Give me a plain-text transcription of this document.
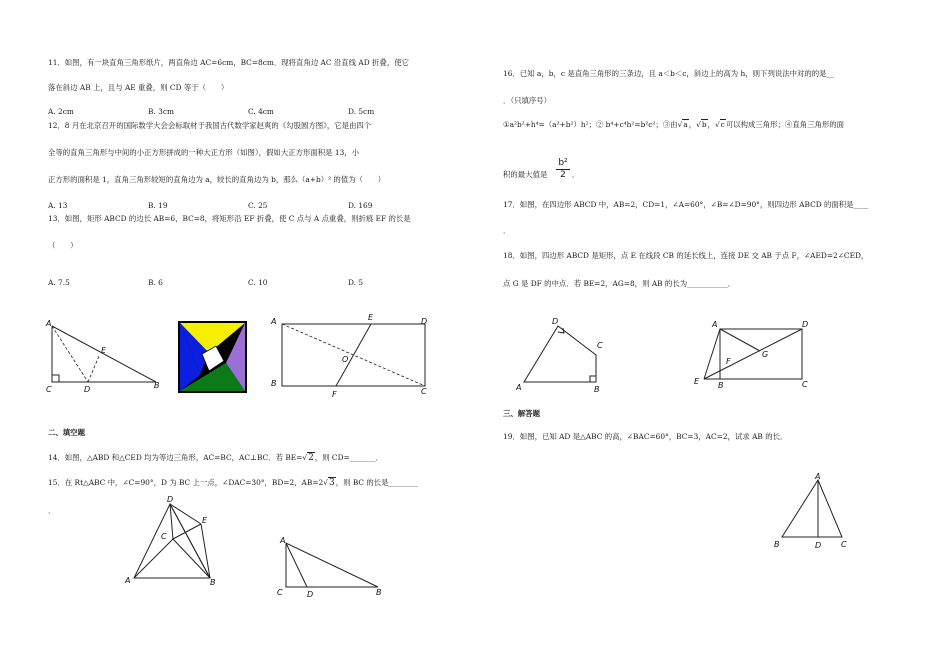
11．如图，有一块直角三角形纸片，两直角边 AC=6cm，BC=8cm．现将直角边 AC 沿直线 AD 折叠，使它
落在斜边 AB 上，且与 AE 重叠，则 CD 等于（　　）
A. 2cm	B. 3cm	C. 4cm	D. 5cm
12．8 月在北京召开的国际数学大会会标取材于我国古代数学家赵爽的《勾股圆方图》，它是由四个
全等的直角三角形与中间的小正方形拼成的一种大正方形（如图），假如大正方形面积是 13，小
正方形的面积是 1，直角三角形较短的直角边为 a，较长的直角边为 b，那么（a+b）² 的值为（　　）
A. 13	B. 19	C. 25	D. 169
13．如图，矩形 ABCD 的边长 AB=6，BC=8，将矩形沿 EF 折叠，使 C 点与 A 点重叠，则折痕 EF 的长是
（　　）
A. 7.5	B. 6	C. 10	D. 5
A
E
C	D	B
A	E	D
O
B
F	C
二、填空题
14．如图，△ABD 和△CED 均为等边三角形，AC=BC，AC⊥BC．若 BE=√2，则 CD=_______．
15．在 Rt△ABC 中，∠C=90°，D 为 BC 上一点，∠DAC=30°，BD=2，AB=2√3，则 BC 的长是________
．
D
E
C
A	B
A
C	D	B
16．已知 a，b，c 是直角三角形的三条边，且 a＜b＜c，斜边上的高为 h，则下列说法中对的的是__
．（只填序号）
①a²b²+h⁴=（a²+b²）h²；② b⁴+c⁴h²=b²c²；③由√a，√b，√c可以构成三角形；④直角三角形的面
积的最大值是 $\frac{\text{b²}}{2}$ ．
17．如图，在四边形 ABCD 中，AB=2，CD=1，∠A=60°，∠B=∠D=90°，则四边形 ABCD 的面积是____
．
18．如图，四边形 ABCD 是矩形，点 E 在线段 CB 的延长线上，连接 DE 交 AB 于点 F，∠AED=2∠CED，
点 G 是 DF 的中点．若 BE=2，AG=8，则 AB 的长为___________．
D
C
A	B
A	D
F
G
E B	C
三、解答题
19．如图，已知 AD 是△ABC 的高，∠BAC=60°，BC=3，AC=2，试求 AB 的长．
A
B	D C
